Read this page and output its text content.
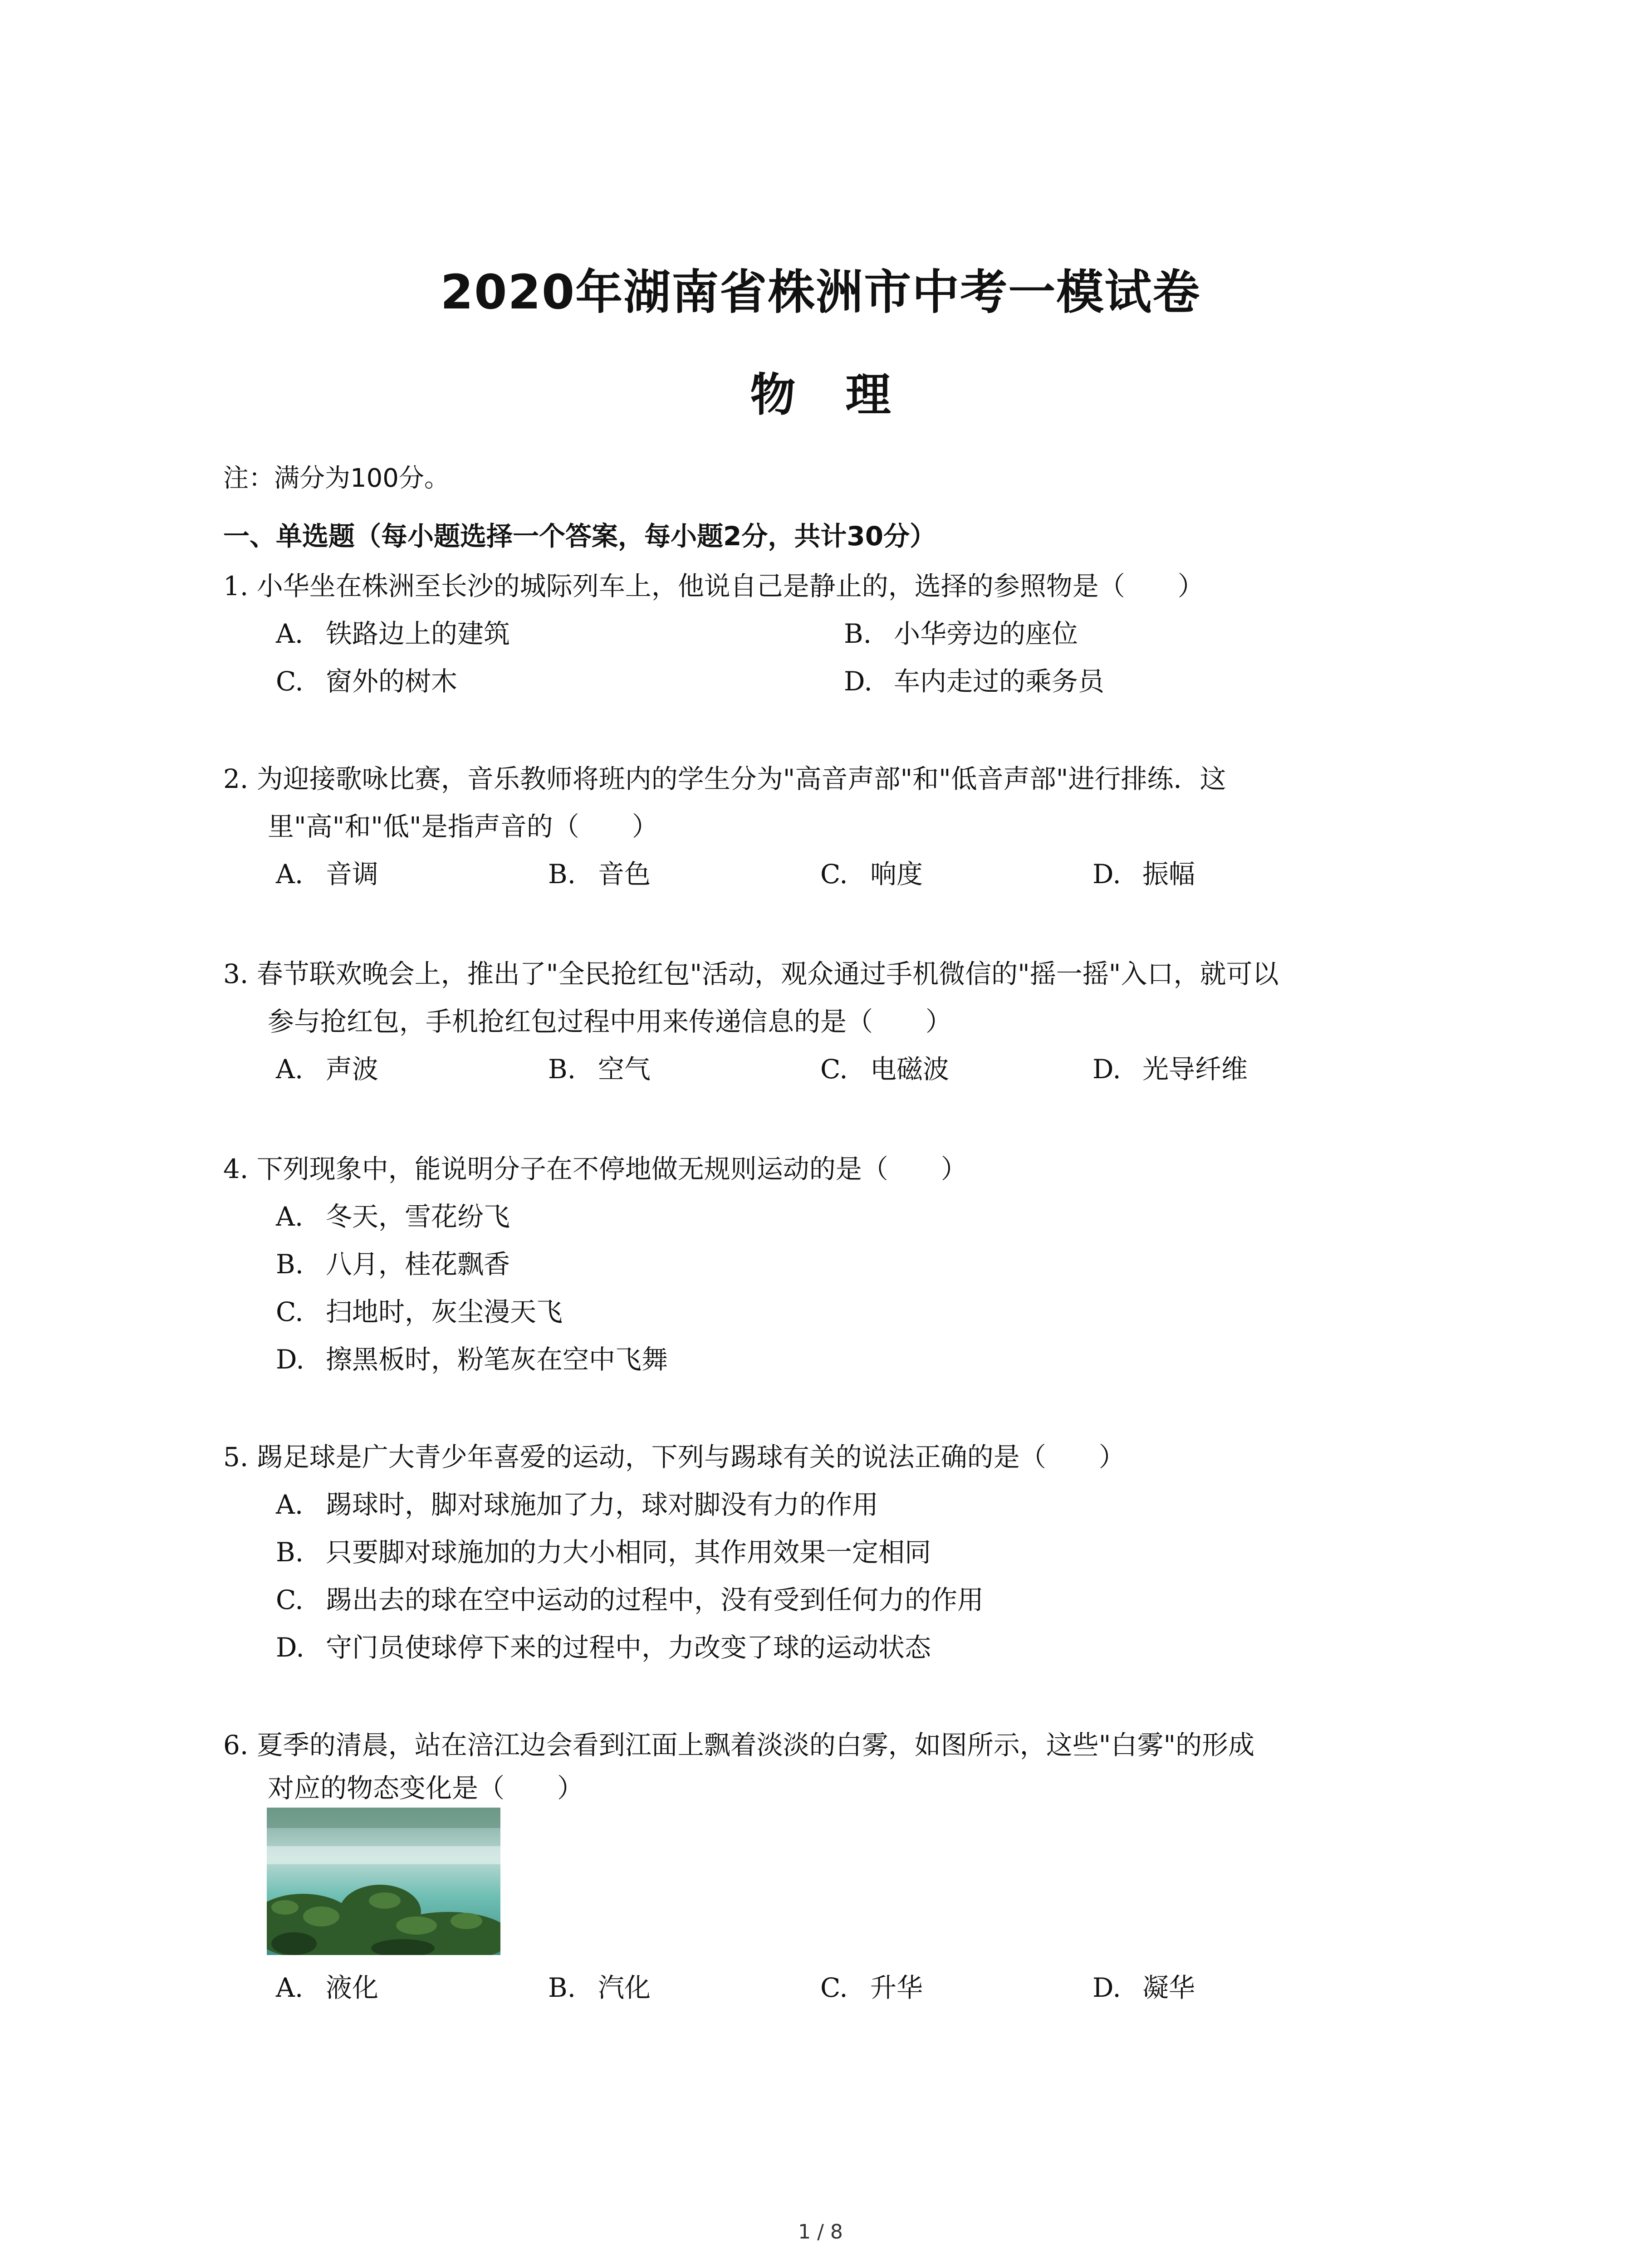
2020年湖南省株洲市中考一模试卷
物理
注：满分为100分。
一、单选题（每小题选择一个答案，每小题2分，共计30分）
1. 小华坐在株洲至长沙的城际列车上，他说自己是静止的，选择的参照物是（　　）
A. 铁路边上的建筑	B. 小华旁边的座位
C. 窗外的树木	D. 车内走过的乘务员
2. 为迎接歌咏比赛，音乐教师将班内的学生分为"高音声部"和"低音声部"进行排练．这
里"高"和"低"是指声音的（　　）
A. 音调	B. 音色	C. 响度	D. 振幅
3. 春节联欢晚会上，推出了"全民抢红包"活动，观众通过手机微信的"摇一摇"入口，就可以
参与抢红包，手机抢红包过程中用来传递信息的是（　　）
A. 声波	B. 空气	C. 电磁波	D. 光导纤维
4. 下列现象中，能说明分子在不停地做无规则运动的是（　　）
A. 冬天，雪花纷飞
B. 八月，桂花飘香
C. 扫地时，灰尘漫天飞
D. 擦黑板时，粉笔灰在空中飞舞
5. 踢足球是广大青少年喜爱的运动，下列与踢球有关的说法正确的是（　　）
A. 踢球时，脚对球施加了力，球对脚没有力的作用
B. 只要脚对球施加的力大小相同，其作用效果一定相同
C. 踢出去的球在空中运动的过程中，没有受到任何力的作用
D. 守门员使球停下来的过程中，力改变了球的运动状态
6. 夏季的清晨，站在涪江边会看到江面上飘着淡淡的白雾，如图所示，这些"白雾"的形成
对应的物态变化是（　　）
A. 液化	B. 汽化	C. 升华	D. 凝华
1 / 8
